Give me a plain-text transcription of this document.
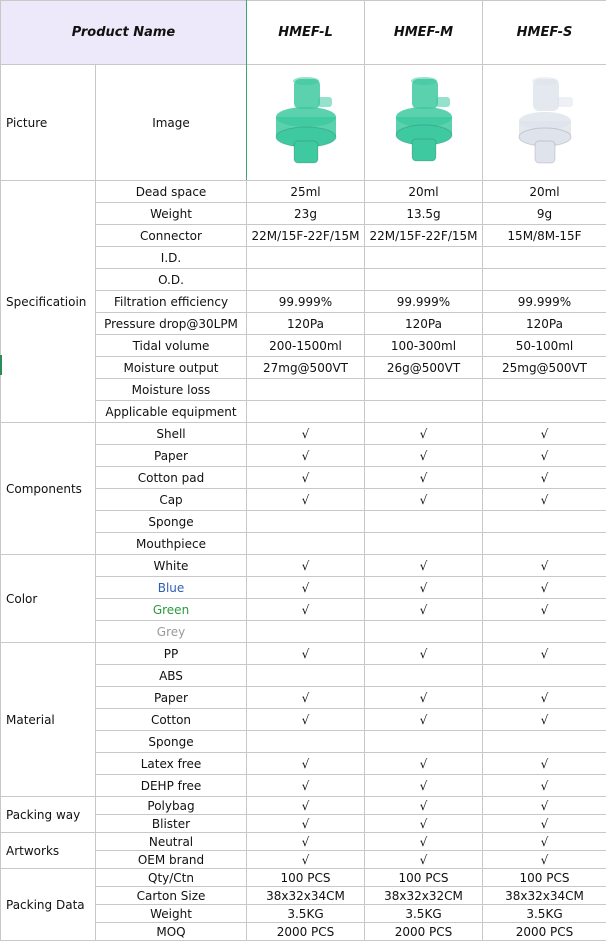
Product Name		HMEF-L	HMEF-M	HMEF-S
Picture	Image	

Specificatioin	Dead space	25ml	20ml	20ml
	Weight	23g	13.5g	9g
	Connector	22M/15F-22F/15M	22M/15F-22F/15M	15M/8M-15F
	I.D.			
	O.D.			
	Filtration efficiency	99.999%	99.999%	99.999%
	Pressure drop@30LPM	120Pa	120Pa	120Pa
	Tidal volume	200-1500ml	100-300ml	50-100ml
	Moisture output	27mg@500VT	26g@500VT	25mg@500VT
	Moisture loss			
	Applicable equipment			
Components	Shell	√	√	√
	Paper	√	√	√
	Cotton pad	√	√	√
	Cap	√	√	√
	Sponge			
	Mouthpiece			
Color	White	√	√	√
	Blue	√	√	√
	Green	√	√	√
	Grey			
Material	PP	√	√	√
	ABS			
	Paper	√	√	√
	Cotton	√	√	√
	Sponge			
	Latex free	√	√	√
	DEHP free	√	√	√
Packing way	Polybag	√	√	√
	Blister	√	√	√
Artworks	Neutral	√	√	√
	OEM brand	√	√	√
Packing Data	Qty/Ctn	100 PCS	100 PCS	100 PCS
	Carton Size	38x32x34CM	38x32x32CM	38x32x34CM
	Weight	3.5KG	3.5KG	3.5KG
	MOQ	2000 PCS	2000 PCS	2000 PCS
